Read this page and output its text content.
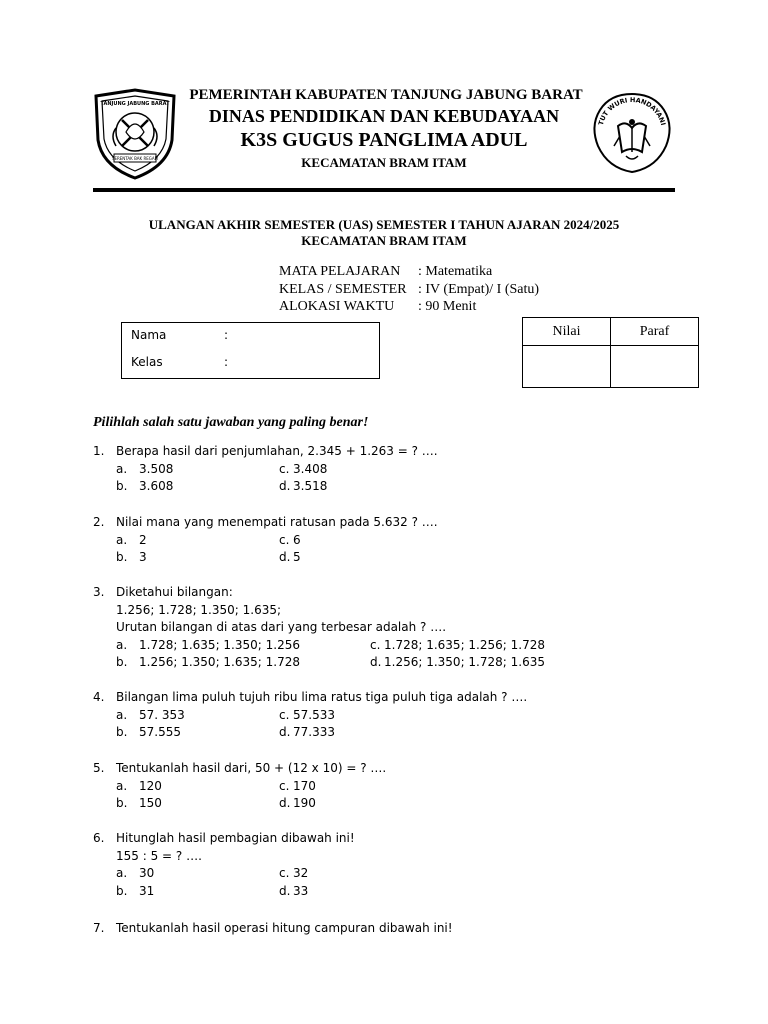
TANJUNG JABUNG BARAT
SERENTAK BAK REGAM
TUT WURI HANDAYANI
PEMERINTAH KABUPATEN TANJUNG JABUNG BARAT
DINAS PENDIDIKAN DAN KEBUDAYAAN
K3S GUGUS PANGLIMA ADUL
KECAMATAN BRAM ITAM
ULANGAN AKHIR SEMESTER (UAS) SEMESTER I TAHUN AJARAN 2024/2025
KECAMATAN BRAM ITAM
MATA PELAJARAN	: Matematika
KELAS / SEMESTER : IV (Empat)/ I (Satu)
ALOKASI WAKTU	: 90 Menit
Nama	:
Kelas	:
Nilai	Paraf

Pilihlah salah satu jawaban yang paling benar!
1. Berapa hasil dari penjumlahan, 2.345 + 1.263 = ? ….
a. 3.508	c. 3.408
b. 3.608	d. 3.518
2. Nilai mana yang menempati ratusan pada 5.632 ? ….
a. 2	c. 6
b. 3	d. 5
3. Diketahui bilangan:
1.256; 1.728; 1.350; 1.635;
Urutan bilangan di atas dari yang terbesar adalah ? ….
a. 1.728; 1.635; 1.350; 1.256	c. 1.728; 1.635; 1.256; 1.728
b. 1.256; 1.350; 1.635; 1.728	d. 1.256; 1.350; 1.728; 1.635
4. Bilangan lima puluh tujuh ribu lima ratus tiga puluh tiga adalah ? ….
a. 57. 353	c. 57.533
b. 57.555	d. 77.333
5. Tentukanlah hasil dari, 50 + (12 x 10) = ? ….
a. 120	c. 170
b. 150	d. 190
6. Hitunglah hasil pembagian dibawah ini!
155 : 5 = ? ….
a. 30	c. 32
b. 31	d. 33
7. Tentukanlah hasil operasi hitung campuran dibawah ini!
